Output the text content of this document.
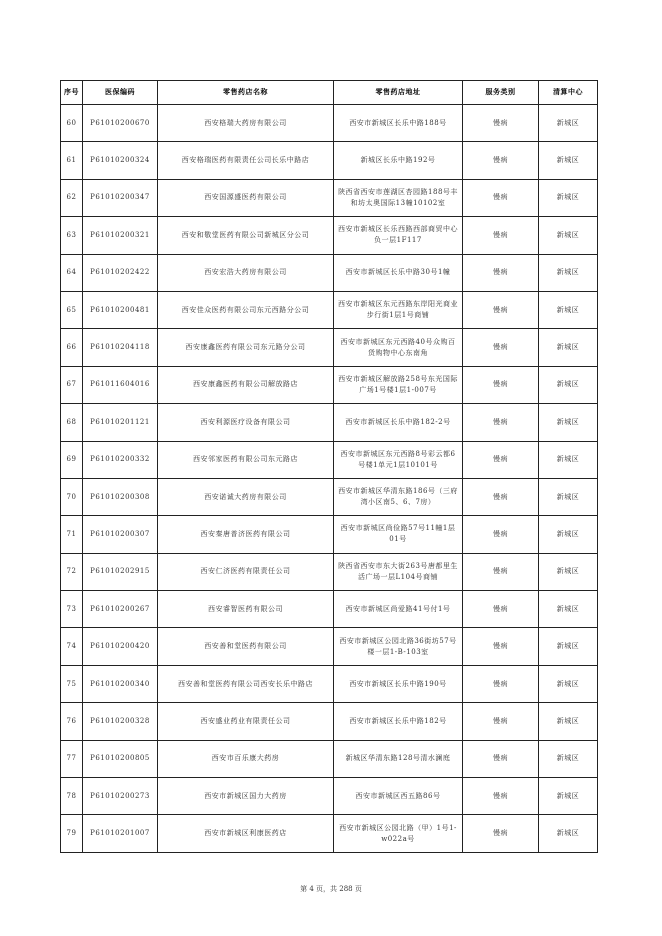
序号	医保编码	零售药店名称	零售药店地址	服务类别	清算中心
60	P61010200670	西安格瑞大药房有限公司	西安市新城区长乐中路188号	慢病	新城区
61	P61010200324	西安格瑞医药有限责任公司长乐中路店	新城区长乐中路192号	慢病	新城区
62	P61010200347	西安国源盛医药有限公司	陕西省西安市莲湖区杏园路188号丰和坊太奥国际13幢10102室	慢病	新城区
63	P61010200321	西安和敬堂医药有限公司新城区分公司	西安市新城区长乐西路西部商贸中心负一层1F117	慢病	新城区
64	P61010202422	西安宏浩大药房有限公司	西安市新城区长乐中路30号1幢	慢病	新城区
65	P61010200481	西安佳众医药有限公司东元西路分公司	西安市新城区东元西路东岸阳光商业步行街1层1号商铺	慢病	新城区
66	P61010204118	西安康鑫医药有限公司东元路分公司	西安市新城区东元西路40号众购百货购物中心东南角	慢病	新城区
67	P61011604016	西安康鑫医药有限公司解放路店	西安市新城区解放路258号东光国际广场1号楼1层1-007号	慢病	新城区
68	P61010201121	西安利源医疗设备有限公司	西安市新城区长乐中路182-2号	慢病	新城区
69	P61010200332	西安邻家医药有限公司东元路店	西安市新城区东元西路8号彩云都6号楼1单元1层10101号	慢病	新城区
70	P61010200308	西安诺诚大药房有限公司	西安市新城区华清东路186号（三府湾小区南5、6、7房）	慢病	新城区
71	P61010200307	西安秦唐普济医药有限公司	西安市新城区尚俭路57号11幢1层01号	慢病	新城区
72	P61010202915	西安仁济医药有限责任公司	陕西省西安市东大街263号唐都里生活广场一层L104号商铺	慢病	新城区
73	P61010200267	西安睿智医药有限公司	西安市新城区尚爱路41号付1号	慢病	新城区
74	P61010200420	西安善和堂医药有限公司	西安市新城区公园北路36街坊57号楼一层1-B-103室	慢病	新城区
75	P61010200340	西安善和堂医药有限公司西安长乐中路店	西安市新城区长乐中路190号	慢病	新城区
76	P61010200328	西安盛业药业有限责任公司	西安市新城区长乐中路182号	慢病	新城区
77	P61010200805	西安市百乐康大药房	新城区华清东路128号清水澜庭	慢病	新城区
78	P61010200273	西安市新城区国力大药房	西安市新城区西五路86号	慢病	新城区
79	P61010201007	西安市新城区利康医药店	西安市新城区公园北路（甲）1号1-w022a号	慢病	新城区
第 4 页，共 288 页
